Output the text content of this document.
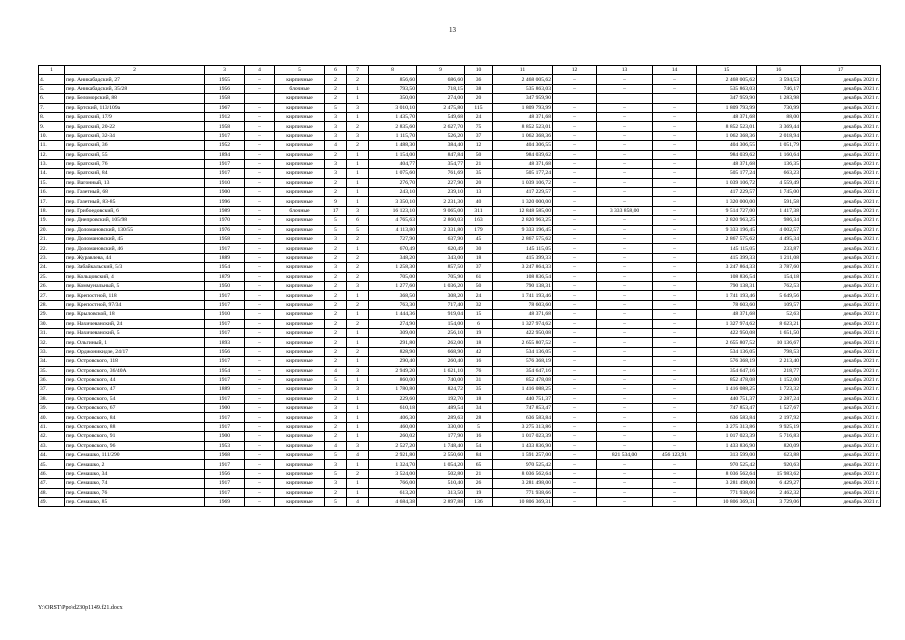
13
1	2	3	4	5	6	7	8	9	10	11	12	13	14	15	16	17
4.	пер. Аникабадский, 27	1955	–	кирпичные	2	2	856,60	686,60	36	2 468 005,62	–	–	–	2 468 005,62	3 594,53	декабрь 2021 г.
5.	пер. Аникабадский, 35/28	1956	–	блочные	2	1	793,50	718,15	38	535 863,03	–	–	–	535 863,03	746,17	декабрь 2021 г.
6.	пер. Беломорский, 88	1958		кирпичные	2	1	350,00	274,00	20	347 959,90				347 959,90	1 283,98	декабрь 2021 г.
7.	пер. Бртский, 113/109а	1967	–	кирпичные	5	3	3 010,10	2 475,80	115	1 809 793,99	–	–	–	1 809 793,99	730,99	декабрь 2021 г.
8.	пер. Братский, 17/9	1912	–	кирпичные	3	1	1 435,70	549,68	24	48 371,68	–	–	–	48 371,68	88,00	декабрь 2021 г.
9.	пер. Братский, 20-22	1958	–	кирпичные	3	2	2 835,60	2 627,70	75	8 852 523,01	–	–	–	8 852 523,01	3 369,44	декабрь 2021 г.
10.	пер. Братский, 32-34	1917	–	кирпичные	3	3	1 115,70	526,20	37	1 062 368,36	–	–	–	1 062 368,36	2 018,94	декабрь 2021 г.
11.	пер. Братский, 36	1952	–	кирпичные	4	2	1 488,30	384,40	12	404 306,55	–	–	–	404 306,55	1 051,79	декабрь 2021 г.
12.	пер. Братский, 55	1894	–	кирпичные	2	1	1 154,00	847,84	50	984 039,62	–	–	–	984 039,62	1 160,64	декабрь 2021 г.
13.	пер. Братский, 76	1917	–	кирпичные	3	1	404,77	354,77	21	48 371,68	–	–	–	48 371,68	136,35	декабрь 2021 г.
14.	пер. Братский, 84	1917	–	кирпичные	3	1	1 075,60	761,69	35	505 177,24	–	–	–	505 177,24	663,23	декабрь 2021 г.
15.	пер. Вагонный, 13	1910	–	кирпичные	2	1	276,70	227,90	20	1 039 106,72	–	–	–	1 039 106,72	4 559,49	декабрь 2021 г.
16.	пер. Газетный, 68	1900	–	кирпичные	2	1	243,10	239,10	13	417 229,57	–	–	–	417 229,57	1 745,00	декабрь 2021 г.
17.	пер. Газетный, 83-85	1996	–	кирпичные	9	1	3 350,10	2 231,30	40	1 320 000,00	–	–	–	1 320 000,00	591,58	декабрь 2021 г.
18.	пер. Грибоедовский, 6	1989	–	блочные	17	3	16 123,10	9 065,00	311	12 848 585,00	–	3 333 858,00	–	9 514 727,00	1 417,38	декабрь 2021 г.
19.	пер. Днепровский, 105/98	1970	–	кирпичные	5	6	4 765,63	2 860,03	163	2 820 963,25	–	–	–	2 820 963,25	986,34	декабрь 2021 г.
20.	пер. Доломановский, 130/55	1976	–	кирпичные	5	5	4 113,80	2 331,80	179	9 333 196,45	–	–	–	9 333 196,45	4 002,57	декабрь 2021 г.
21.	пер. Доломановский, 45	1958	–	кирпичные	3	2	727,90	637,90	45	2 867 575,62	–	–	–	2 867 575,62	4 495,34	декабрь 2021 г.
22.	пер. Доломановский, 46	1917	–	кирпичные	2	1	670,49	620,49	30	145 115,05	–	–	–	145 115,05	233,87	декабрь 2021 г.
23.	пер. Журавлева, 44	1889	–	кирпичные	2	2	348,20	343,00	18	415 399,33	–	–	–	415 399,33	1 211,08	декабрь 2021 г.
24.	пер. Забайкальский, 5/3	1954	–	кирпичные	3	2	1 258,30	857,50	37	3 247 864,33	–	–	–	3 247 864,33	3 787,60	декабрь 2021 г.
25.	пер. Кольцовский, 4	1879	–	кирпичные	2	2	705,00	705,90	61	108 836,54	–	–	–	108 836,54	154,18	декабрь 2021 г.
26.	пер. Коммунальный, 5	1950	–	кирпичные	2	3	1 277,60	1 036,20	50	790 138,31	–	–	–	790 138,31	762,53	декабрь 2021 г.
27.	пер. Крепостной, 118	1917	–	кирпичные	2	1	368,50	308,20	24	1 741 193,46	–	–	–	1 741 193,46	5 649,56	декабрь 2021 г.
28.	пер. Крепостной, 97/34	1917	–	кирпичные	2	2	763,30	717,40	32	78 603,60	–	–	–	78 603,60	109,57	декабрь 2021 г.
29.	пер. Крыловской, 18	1910	–	кирпичные	2	1	1 444,36	919,04	15	48 371,68	–	–	–	48 371,68	52,63	декабрь 2021 г.
30.	пер. Нахичеванский, 24	1917	–	кирпичные	2	2	274,90	154,00	6	1 327 974,62	–	–	–	1 327 974,62	8 623,21	декабрь 2021 г.
31.	пер. Нахичеванский, 5	1917	–	кирпичные	2	1	309,00	256,10	19	422 950,08	–	–	–	422 950,08	1 651,50	декабрь 2021 г.
32.	пер. Ольгиный, 1	1893	–	кирпичные	2	1	291,80	262,00	18	2 655 807,52	–	–	–	2 655 807,52	10 136,67	декабрь 2021 г.
33.	пер. Орджоникидзе, 24/17	1956	–	кирпичные	2	2	828,90	668,90	42	534 136,05	–	–	–	534 136,05	798,53	декабрь 2021 г.
34.	пер. Островского, 118	1917	–	кирпичные	2	1	290,40	260,40	16	576 368,19	–	–	–	576 368,19	2 213,40	декабрь 2021 г.
35.	пер. Островского, 36/40А	1954	–	кирпичные	4	3	2 949,20	1 621,10	76	354 647,16	–	–	–	354 647,16	218,77	декабрь 2021 г.
36.	пер. Островского, 44	1917	–	кирпичные	5	1	860,00	740,00	31	852 478,08	–	–	–	852 478,08	1 152,00	декабрь 2021 г.
37.	пер. Островского, 47	1889	–	кирпичные	3	3	1 780,80	824,72	35	1 416 088,25	–	–	–	1 416 088,25	1 723,32	декабрь 2021 г.
38.	пер. Островского, 54	1917	–	кирпичные	2	1	229,60	192,70	18	440 751,37	–	–	–	440 751,37	2 287,24	декабрь 2021 г.
39.	пер. Островского, 67	1900	–	кирпичные	3	1	610,18	489,54	34	747 853,47	–	–	–	747 853,47	1 527,67	декабрь 2021 г.
40.	пер. Островского, 84	1917	–	кирпичные	3	1	406,30	289,63	28	636 583,84	–	–	–	636 583,84	2 197,92	декабрь 2021 г.
41.	пер. Островского, 88	1917	–	кирпичные	2	1	460,00	330,00	5	3 275 313,86	–	–	–	3 275 313,86	9 925,19	декабрь 2021 г.
42.	пер. Островского, 91	1900	–	кирпичные	2	1	260,02	177,90	16	1 017 023,39	–	–	–	1 017 023,39	5 716,83	декабрь 2021 г.
43.	пер. Островского, 96	1953	–	кирпичные	4	3	2 527,20	1 748,40	54	1 433 836,90	–	–	–	1 433 836,90	820,09	декабрь 2021 г.
44.	пер. Семашко, 111/290	1968	–	кирпичные	5	4	2 921,80	2 550,60	84	1 591 257,00	–	821 534,00	456 123,91	313 599,00	623,88	декабрь 2021 г.
45.	пер. Семашко, 2	1917	–	кирпичные	3	1	1 324,70	1 054,20	65	970 525,42	–	–	–	970 525,42	920,63	декабрь 2021 г.
46.	пер. Семашко, 34	1956	–	кирпичные	5	2	3 524,00	502,80	21	8 036 562,64	–	–	–	8 036 562,64	15 983,62	декабрь 2021 г.
47.	пер. Семашко, 74	1917	–	кирпичные	3	1	766,00	510,40	26	3 281 498,00	–	–	–	3 281 498,00	6 429,27	декабрь 2021 г.
48.	пер. Семашко, 76	1917	–	кирпичные	2	1	613,20	313,50	19	771 938,66	–	–	–	771 938,66	2 462,32	декабрь 2021 г.
49.	пер. Семашко, 85	1969	–	кирпичные	5	4	4 684,38	2 897,88	136	10 806 369,31	–	–	–	10 806 369,31	3 729,06	декабрь 2021 г.
Y:\ORST\Ppo\d230p1149.f21.docx
